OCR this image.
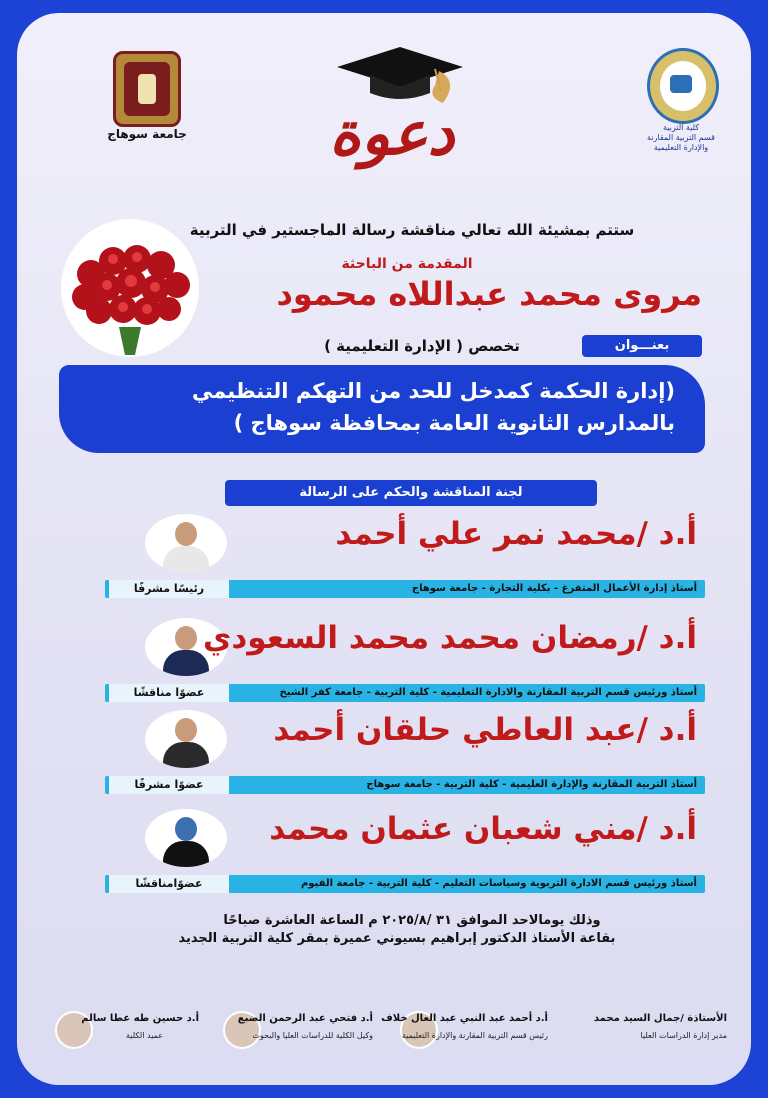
جامعة سوهاج	كلية التربية
قسم التربية المقارنة
والإدارة التعليمية
دعوة
ستتم بمشيئة الله تعالي مناقشة رسالة الماجستير في التربية
المقدمة من الباحثة
مروى محمد عبداللاه محمود
تخصص ( الإدارة التعليمية )	بعنـــوان
(إدارة الحكمة كمدخل للحد من التهكم التنظيمي
بالمدارس الثانوية العامة بمحافظة سوهاج )
لجنة المناقشة والحكم على الرسالة
أ.د /محمد نمر علي أحمد
أستاذ إدارة الأعمال المتفرغ - بكلية التجارة - جامعة سوهاج
رئيسًا مشرفًا
أ.د /رمضان محمد محمد السعودي
أستاذ ورئيس قسم التربية المقارنة والادارة التعليمية - كلية التربية - جامعة كفر الشيخ
عضوًا مناقشًا
أ.د /عبد العاطي حلقان أحمد
أستاذ التربية المقارنة والإدارة العليمية - كلية التربية - جامعة سوهاج
عضوًا مشرفًا
أ.د /مني شعبان عثمان محمد
أستاذ ورئيس قسم الادارة التربوية وسياسات التعليم - كلية التربية - جامعة الفيوم
عضوًامناقشًا
وذلك يومالاحد الموافق ٣١ /٢٠٢٥/٨ م الساعة العاشرة صباحًا
بقاعة الأستاذ الدكتور إبراهيم بسيوني عميرة بمقر كلية التربية الجديد
الأستاذة /جمال السيد محمد
مدير إدارة الدراسات العليا
أ.د أحمد عبد النبي عبد العال خلاف
رئيس قسم التربية المقارنة والإدارة التعليمية
أ.د فتحي عبد الرحمن الضبع
وكيل الكلية للدراسات العليا والبحوث
أ.د حسين طه عطا سالم
عميد الكلية
